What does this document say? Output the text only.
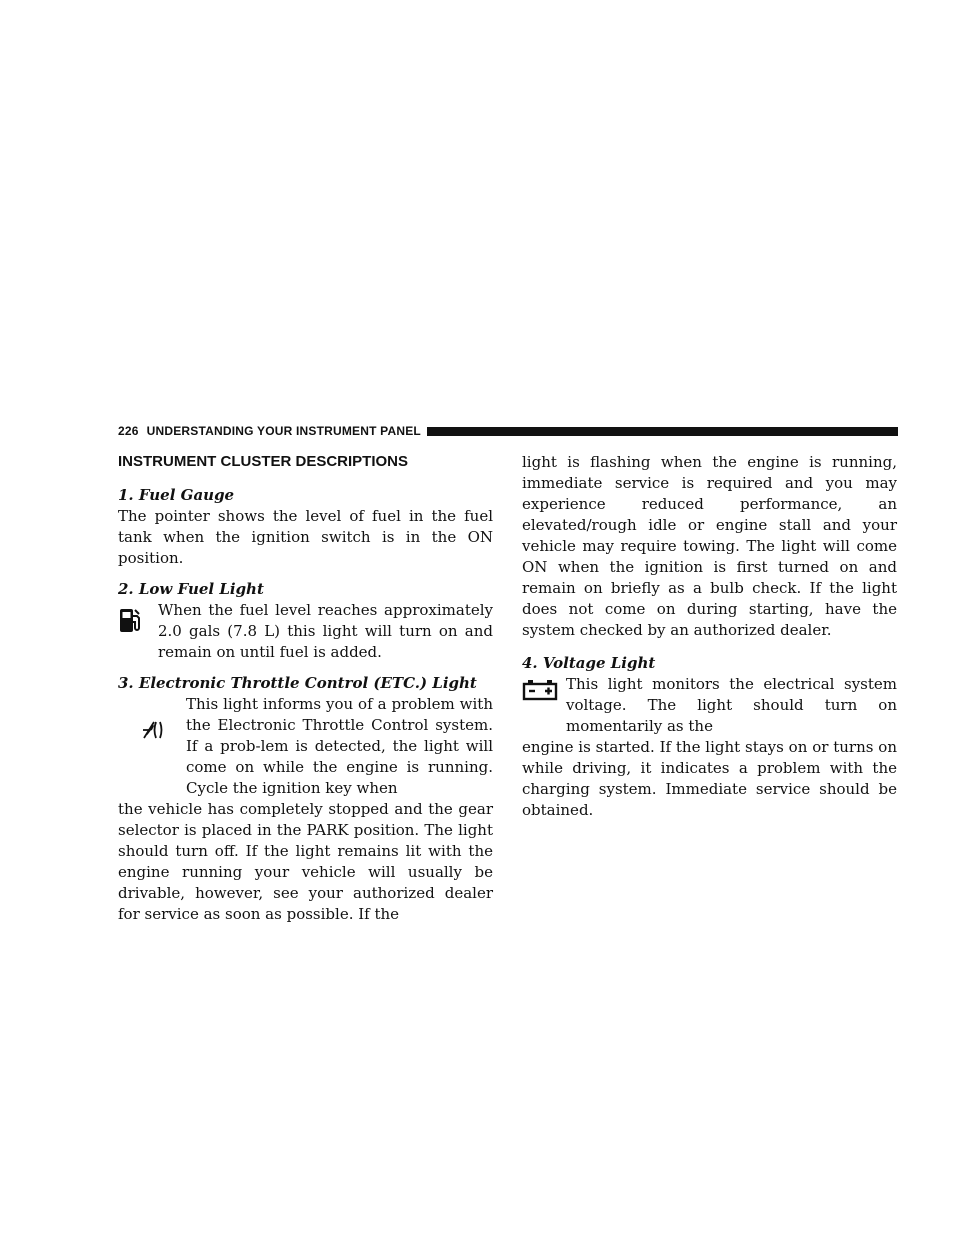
226 UNDERSTANDING YOUR INSTRUMENT PANEL
INSTRUMENT CLUSTER DESCRIPTIONS
1. Fuel Gauge

The pointer shows the level of fuel in the fuel tank when the ignition switch is in the ON position.

2. Low Fuel Light

When the fuel level reaches approximately 2.0 gals (7.8 L) this light will turn on and remain on until fuel is added.

3. Electronic Throttle Control (ETC.) Light

This light informs you of a problem with the Electronic Throttle Control system. If a prob-lem is detected, the light will come on while the engine is running. Cycle the ignition key when

the vehicle has completely stopped and the gear selector is placed in the PARK position. The light should turn off. If the light remains lit with the engine running your vehicle will usually be drivable, however, see your authorized dealer for service as soon as possible. If the

light is flashing when the engine is running, immediate service is required and you may experience reduced performance, an elevated/rough idle or engine stall and your vehicle may require towing. The light will come ON when the ignition is first turned on and remain on briefly as a bulb check. If the light does not come on during starting, have the system checked by an authorized dealer.

4. Voltage Light

This light monitors the electrical system voltage. The light should turn on momentarily as the

engine is started. If the light stays on or turns on while driving, it indicates a problem with the charging system. Immediate service should be obtained.
